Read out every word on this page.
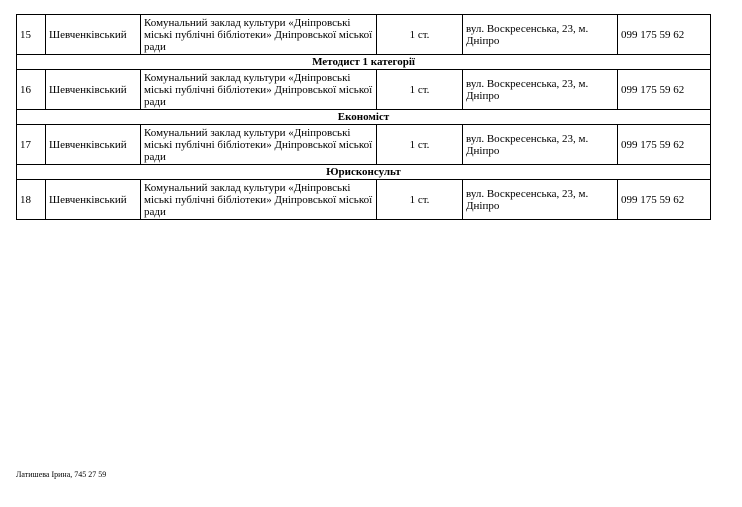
15	Шевченківський	Комунальний заклад культури «Дніпровські міські публічні бібліотеки» Дніпровської міської ради	1 ст.	вул. Воскресенська, 23, м. Дніпро	099 175 59 62
Методист 1 категорії					
16	Шевченківський	Комунальний заклад культури «Дніпровські міські публічні бібліотеки» Дніпровської міської ради	1 ст.	вул. Воскресенська, 23, м. Дніпро	099 175 59 62
Економіст					
17	Шевченківський	Комунальний заклад культури «Дніпровські міські публічні бібліотеки» Дніпровської міської ради	1 ст.	вул. Воскресенська, 23, м. Дніпро	099 175 59 62
Юрисконсульт					
18	Шевченківський	Комунальний заклад культури «Дніпровські міські публічні бібліотеки» Дніпровської міської ради	1 ст.	вул. Воскресенська, 23, м. Дніпро	099 175 59 62
Латишева Ірина, 745 27 59
